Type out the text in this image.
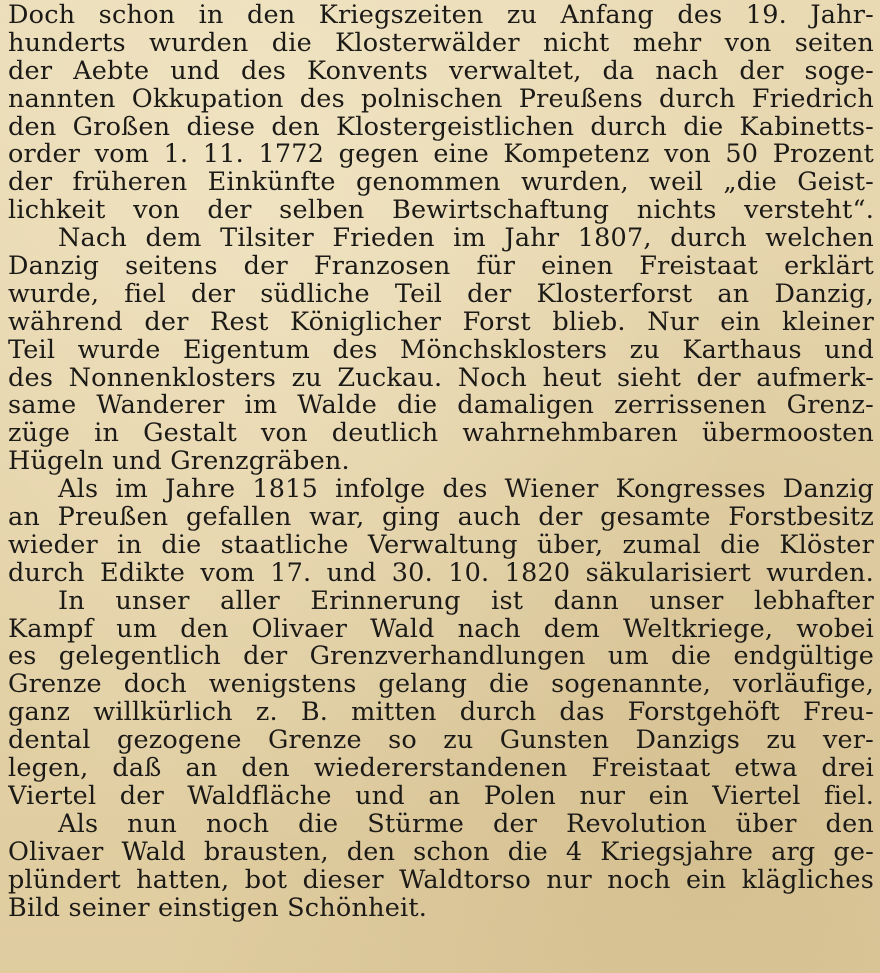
Doch schon in den Kriegszeiten zu Anfang des 19. Jahr-
hunderts wurden die Klosterwälder nicht mehr von seiten
der Aebte und des Konvents verwaltet, da nach der soge-
nannten Okkupation des polnischen Preußens durch Friedrich
den Großen diese den Klostergeistlichen durch die Kabinetts-
order vom 1. 11. 1772 gegen eine Kompetenz von 50 Prozent
der früheren Einkünfte genommen wurden, weil „die Geist-
lichkeit von der selben Bewirtschaftung nichts versteht“.
Nach dem Tilsiter Frieden im Jahr 1807, durch welchen
Danzig seitens der Franzosen für einen Freistaat erklärt
wurde, fiel der südliche Teil der Klosterforst an Danzig,
während der Rest Königlicher Forst blieb. Nur ein kleiner
Teil wurde Eigentum des Mönchsklosters zu Karthaus und
des Nonnenklosters zu Zuckau. Noch heut sieht der aufmerk-
same Wanderer im Walde die damaligen zerrissenen Grenz-
züge in Gestalt von deutlich wahrnehmbaren übermoosten
Hügeln und Grenzgräben.
Als im Jahre 1815 infolge des Wiener Kongresses Danzig
an Preußen gefallen war, ging auch der gesamte Forstbesitz
wieder in die staatliche Verwaltung über, zumal die Klöster
durch Edikte vom 17. und 30. 10. 1820 säkularisiert wurden.
In unser aller Erinnerung ist dann unser lebhafter
Kampf um den Olivaer Wald nach dem Weltkriege, wobei
es gelegentlich der Grenzverhandlungen um die endgültige
Grenze doch wenigstens gelang die sogenannte, vorläufige,
ganz willkürlich z. B. mitten durch das Forstgehöft Freu-
dental gezogene Grenze so zu Gunsten Danzigs zu ver-
legen, daß an den wiedererstandenen Freistaat etwa drei
Viertel der Waldfläche und an Polen nur ein Viertel fiel.
Als nun noch die Stürme der Revolution über den
Olivaer Wald brausten, den schon die 4 Kriegsjahre arg ge-
plündert hatten, bot dieser Waldtorso nur noch ein klägliches
Bild seiner einstigen Schönheit.
